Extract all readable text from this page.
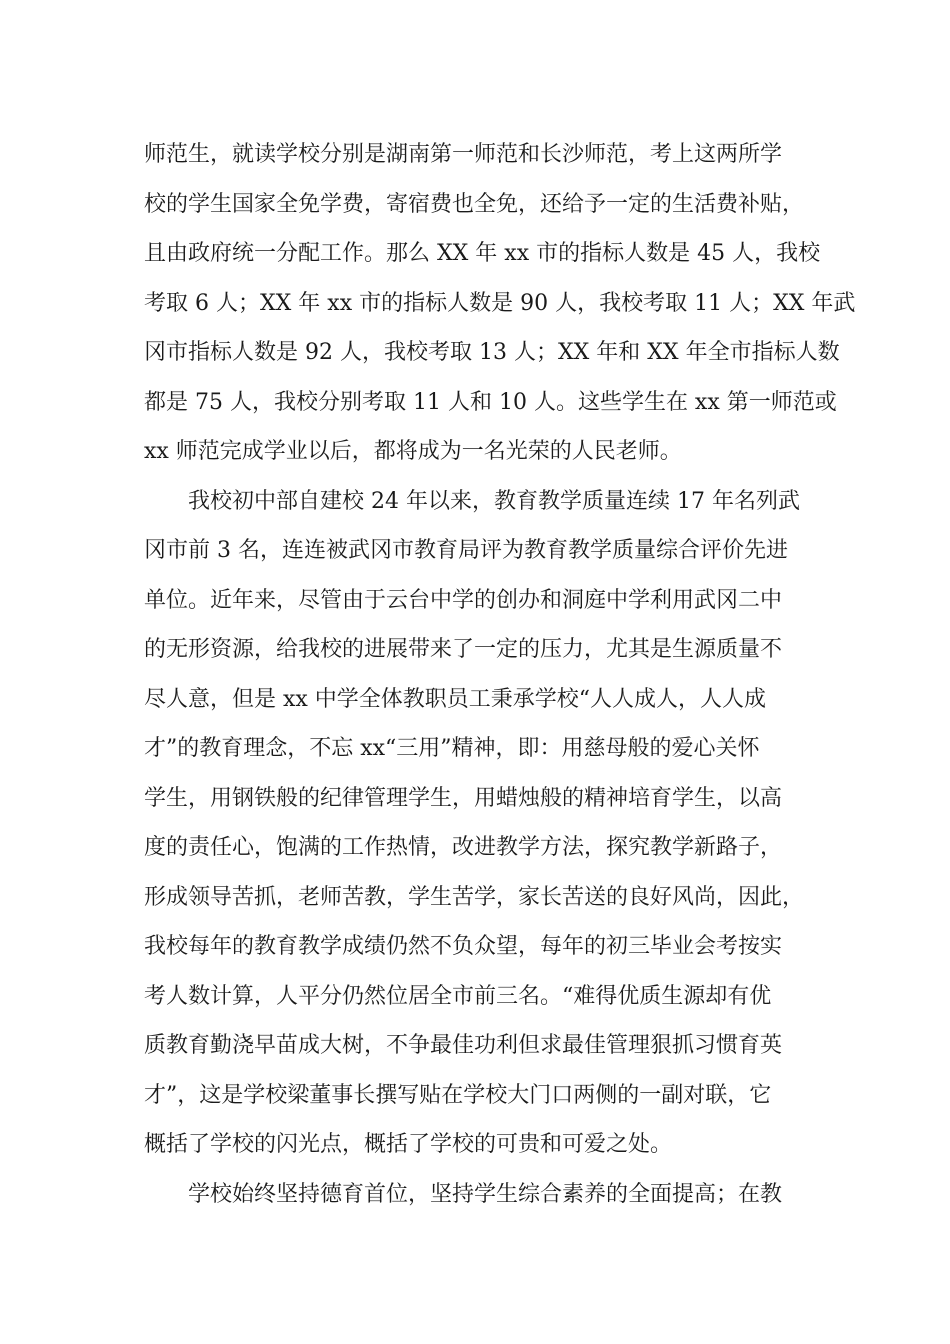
师范生，就读学校分别是湖南第一师范和长沙师范，考上这两所学
校的学生国家全免学费，寄宿费也全免，还给予一定的生活费补贴，
且由政府统一分配工作。那么 XX 年 xx 市的指标人数是 45 人，我校
考取 6 人；XX 年 xx 市的指标人数是 90 人，我校考取 11 人；XX 年武
冈市指标人数是 92 人，我校考取 13 人；XX 年和 XX 年全市指标人数
都是 75 人，我校分别考取 11 人和 10 人。这些学生在 xx 第一师范或
xx 师范完成学业以后，都将成为一名光荣的人民老师。
我校初中部自建校 24 年以来，教育教学质量连续 17 年名列武
冈市前 3 名，连连被武冈市教育局评为教育教学质量综合评价先进
单位。近年来，尽管由于云台中学的创办和洞庭中学利用武冈二中
的无形资源，给我校的进展带来了一定的压力，尤其是生源质量不
尽人意，但是 xx 中学全体教职员工秉承学校“人人成人，人人成
才”的教育理念，不忘 xx“三用”精神，即：用慈母般的爱心关怀
学生，用钢铁般的纪律管理学生，用蜡烛般的精神培育学生，以高
度的责任心，饱满的工作热情，改进教学方法，探究教学新路子，
形成领导苦抓，老师苦教，学生苦学，家长苦送的良好风尚，因此，
我校每年的教育教学成绩仍然不负众望，每年的初三毕业会考按实
考人数计算，人平分仍然位居全市前三名。“难得优质生源却有优
质教育勤浇早苗成大树，不争最佳功利但求最佳管理狠抓习惯育英
才”，这是学校梁董事长撰写贴在学校大门口两侧的一副对联，它
概括了学校的闪光点，概括了学校的可贵和可爱之处。
学校始终坚持德育首位，坚持学生综合素养的全面提高；在教
